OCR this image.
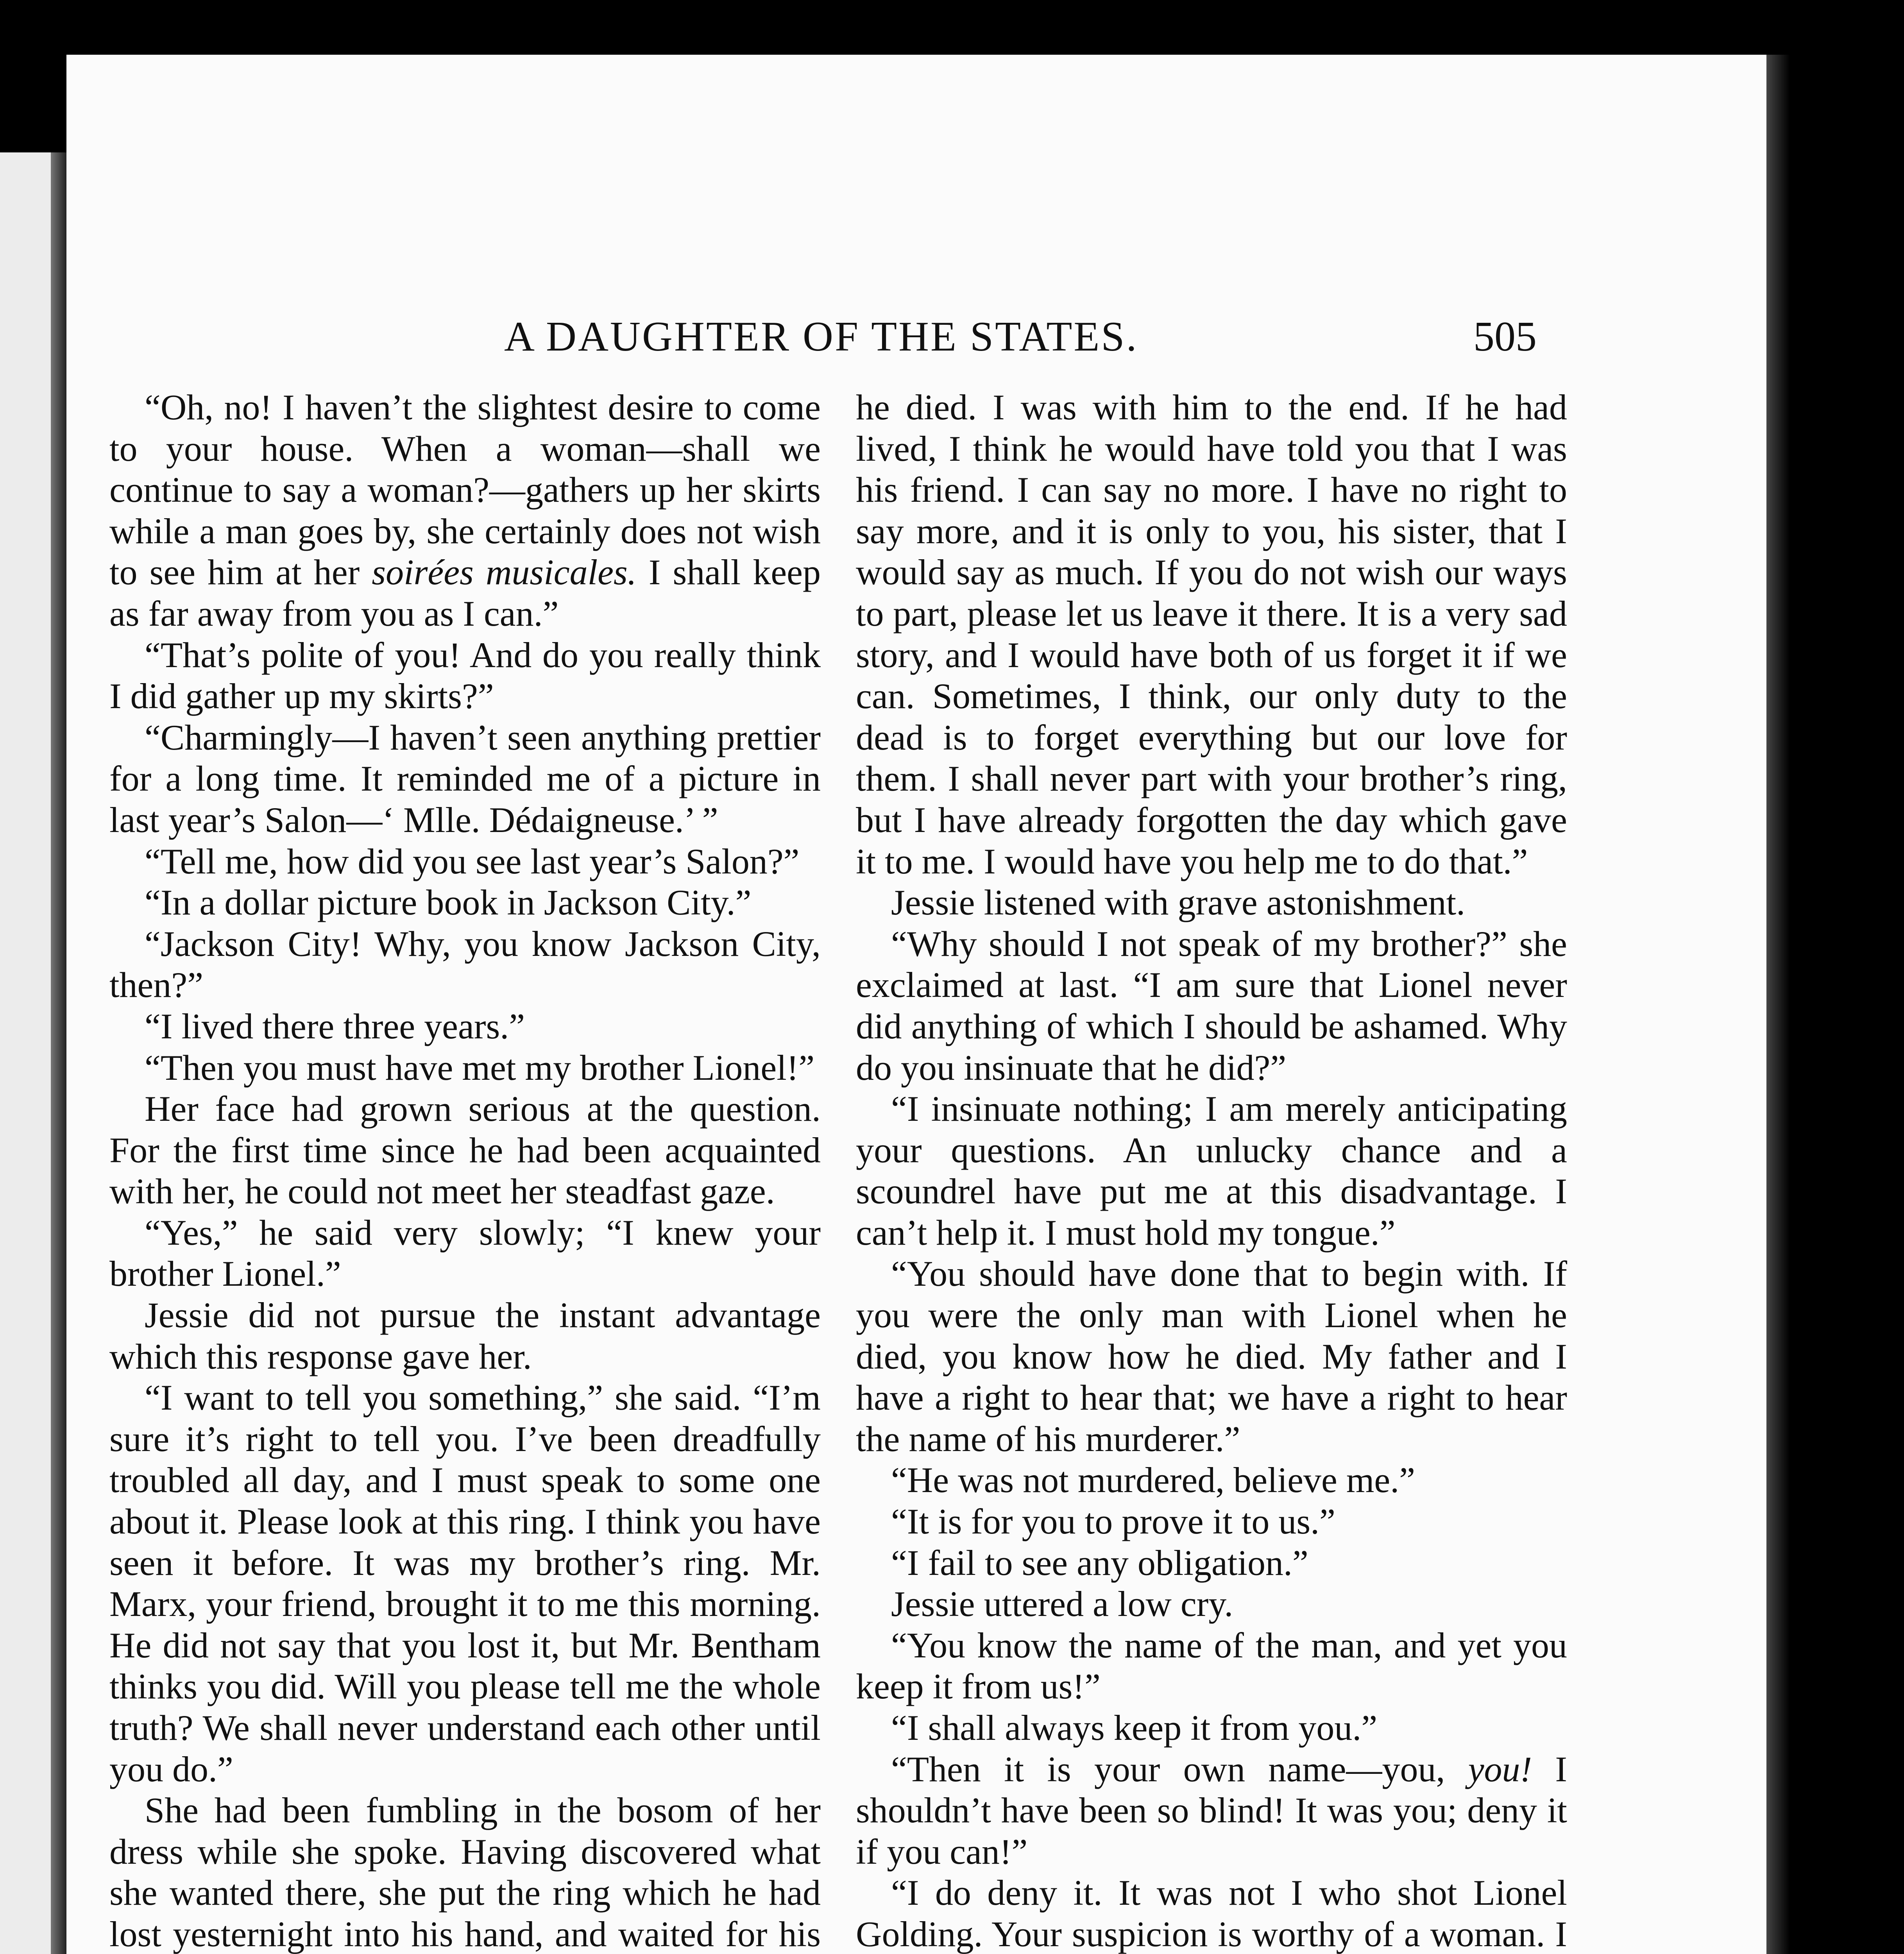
A DAUGHTER OF THE STATES.	505

“Oh, no! I haven’t the slightest desire to come to your house. When a woman—shall we continue to say a woman?—gathers up her skirts while a man goes by, she certainly does not wish to see him at her soirées musicales. I shall keep as far away from you as I can.”

“That’s polite of you! And do you really think I did gather up my skirts?”

“Charmingly—I haven’t seen anything prettier for a long time. It reminded me of a picture in last year’s Salon—‘ Mlle. Dédaigneuse.’ ”

“Tell me, how did you see last year’s Salon?”

“In a dollar picture book in Jackson City.”

“Jackson City! Why, you know Jackson City, then?”

“I lived there three years.”

“Then you must have met my brother Lionel!”

Her face had grown serious at the question. For the first time since he had been acquainted with her, he could not meet her steadfast gaze.

“Yes,” he said very slowly; “I knew your brother Lionel.”

Jessie did not pursue the instant advantage which this response gave her.

“I want to tell you something,” she said. “I’m sure it’s right to tell you. I’ve been dreadfully troubled all day, and I must speak to some one about it. Please look at this ring. I think you have seen it before. It was my brother’s ring. Mr. Marx, your friend, brought it to me this morning. He did not say that you lost it, but Mr. Bentham thinks you did. Will you please tell me the whole truth? We shall never understand each other until you do.”

She had been fumbling in the bosom of her dress while she spoke. Having discovered what she wanted there, she put the ring which he had lost yesternight into his hand, and waited for his

he died. I was with him to the end. If he had lived, I think he would have told you that I was his friend. I can say no more. I have no right to say more, and it is only to you, his sister, that I would say as much. If you do not wish our ways to part, please let us leave it there. It is a very sad story, and I would have both of us forget it if we can. Sometimes, I think, our only duty to the dead is to forget everything but our love for them. I shall never part with your brother’s ring, but I have already forgotten the day which gave it to me. I would have you help me to do that.”

Jessie listened with grave astonishment.

“Why should I not speak of my brother?” she exclaimed at last. “I am sure that Lionel never did anything of which I should be ashamed. Why do you insinuate that he did?”

“I insinuate nothing; I am merely anticipating your questions. An unlucky chance and a scoundrel have put me at this disadvantage. I can’t help it. I must hold my tongue.”

“You should have done that to begin with. If you were the only man with Lionel when he died, you know how he died. My father and I have a right to hear that; we have a right to hear the name of his murderer.”

“He was not murdered, believe me.”

“It is for you to prove it to us.”

“I fail to see any obligation.”

Jessie uttered a low cry.

“You know the name of the man, and yet you keep it from us!”

“I shall always keep it from you.”

“Then it is your own name—you, you! I shouldn’t have been so blind! It was you; deny it if you can!”

“I do deny it. It was not I who shot Lionel Golding. Your suspicion is worthy of a woman. I
